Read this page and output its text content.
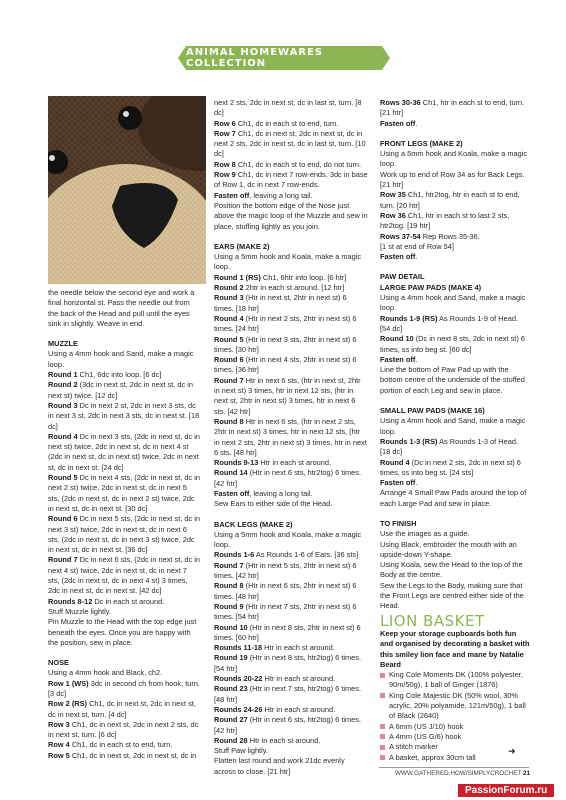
ANIMAL HOMEWARES COLLECTION

the needle below the second eye and work a final horizontal st. Pass the needle out from the back of the Head and pull until the eyes sink in slightly. Weave in end.

MUZZLE

Using a 4mm hook and Sand, make a magic loop.

Round 1 Ch1, 6dc into loop. [6 dc]

Round 2 (3dc in next st, 2dc in next st, dc in next st) twice. [12 dc]

Round 3 Dc in next 2 st, 2dc in next 3 sts, dc in next 3 st, 2dc in next 3 sts, dc in next st. [18 dc]

Round 4 Dc in next 3 sts, (2dc in next st, dc in next st) twice, 2dc in next st, dc in next 4 st (2dc in next st, dc in next st) twice, 2dc in next st, dc in next st. [24 dc]

Round 5 Dc in next 4 sts, (2dc in next st, dc in next 2 st) twice, 2dc in next st, dc in next 5 sts, (2dc in next st, dc in next 2 st) twice, 2dc in next st, dc in next st. [30 dc]

Round 6 Dc in next 5 sts, (2dc in next st, dc in next 3 st) twice, 2dc in next st, dc in next 6 sts, (2dc in next st, dc in next 3 st) twice, 2dc in next st, dc in next st. [36 dc]

Round 7 Dc in next 6 sts, (2dc in next st, dc in next 4 st) twice, 2dc in next st, dc in next 7 sts, (2dc in next st, dc in next 4 st) 3 times, 2dc in next st, dc in next st. [42 dc]

Rounds 8-12 Dc in each st around.

Stuff Muzzle lightly.

Pin Muzzle to the Head with the top edge just beneath the eyes. Once you are happy with the position, sew in place.

NOSE

Using a 4mm hook and Black, ch2.

Row 1 (WS) 3dc in second ch from hook, turn. [3 dc]

Row 2 (RS) Ch1, dc in next st, 2dc in next st, dc in next st, turn. [4 dc]

Row 3 Ch1, dc in next st, 2dc in next 2 sts, dc in next st, turn. [6 dc]

Row 4 Ch1, dc in each st to end, turn.

Row 5 Ch1, dc in next st, 2dc in next st, dc in

next 2 sts, 2dc in next st, dc in last st, turn. [8 dc]

Row 6 Ch1, dc in each st to end, turn.

Row 7 Ch1, dc in next st, 2dc in next st, dc in next 2 sts, 2dc in next st, dc in last st, turn. [10 dc]

Row 8 Ch1, dc in each st to end, do not turn.

Row 9 Ch1, dc in next 7 row-ends, 3dc in base of Row 1, dc in next 7 row-ends.

Fasten off, leaving a long tail.

Position the bottom edge of the Nose just above the magic loop of the Muzzle and sew in place, stuffing lightly as you join.

EARS (MAKE 2)

Using a 5mm hook and Koala, make a magic loop.

Round 1 (RS) Ch1, 6htr into loop. [6 htr]

Round 2 2htr in each st around. [12 htr]

Round 3 (Htr in next st, 2htr in next st) 6 times. [18 htr]

Round 4 (Htr in next 2 sts, 2htr in next st) 6 times. [24 htr]

Round 5 (Htr in next 3 sts, 2htr in next st) 6 times. [30 htr]

Round 6 (Htr in next 4 sts, 2htr in next st) 6 times. [36 htr]

Round 7 Htr in next 6 sts, (htr in next st, 2htr in next st) 3 times, htr in next 12 sts, (htr in next st, 2htr in next st) 3 times, htr in next 6 sts. [42 htr]

Round 8 Htr in next 6 sts, (htr in next 2 sts, 2htr in next st) 3 times, htr in next 12 sts, (htr in next 2 sts, 2htr in next st) 3 times, htr in next 6 sts. [48 htr]

Rounds 9-13 Htr in each st around.

Round 14 (Htr in next 6 sts, htr2tog) 6 times. [42 htr]

Fasten off, leaving a long tail.

Sew Ears to either side of the Head.

BACK LEGS (MAKE 2)

Using a 5mm hook and Koala, make a magic loop.

Rounds 1-6 As Rounds 1-6 of Ears. [36 sts]

Round 7 (Htr in next 5 sts, 2htr in next st) 6 times. [42 htr]

Round 8 (Htr in next 6 sts, 2htr in next st) 6 times. [48 htr]

Round 9 (Htr in next 7 sts, 2htr in next st) 6 times. [54 htr]

Round 10 (Htr in next 8 sts, 2htr in next st) 6 times. [60 htr]

Rounds 11-18 Htr in each st around.

Round 19 (Htr in next 8 sts, htr2tog) 6 times. [54 htr]

Rounds 20-22 Htr in each st around.

Round 23 (Htr in next 7 sts, htr2tog) 6 times. [48 htr]

Rounds 24-26 Htr in each st around.

Round 27 (Htr in next 6 sts, htr2tog) 6 times. [42 htr]

Round 28 Htr in each st around.

Stuff Paw lightly.

Flatten last round and work 21dc evenly across to close. [21 htr]

Rows 30-36 Ch1, htr in each st to end, turn. [21 htr]

Fasten off.

FRONT LEGS (MAKE 2)

Using a 5mm hook and Koala, make a magic loop.

Work up to end of Row 34 as for Back Legs. [21 htr]

Row 35 Ch1, htr2tog, htr in each st to end, turn. [20 htr]

Row 36 Ch1, htr in each st to last 2 sts, htr2tog. [19 htr]

Rows 37-54 Rep Rows 35-36.

[1 st at end of Row 54]

Fasten off.

PAW DETAIL

LARGE PAW PADS (MAKE 4)

Using a 4mm hook and Sand, make a magic loop.

Rounds 1-9 (RS) As Rounds 1-9 of Head. [54 dc]

Round 10 (Dc in next 8 sts, 2dc in next st) 6 times, ss into beg st. [60 dc]

Fasten off.

Line the bottom of Paw Pad up with the bottom centre of the underside of the stuffed portion of each Leg and sew in place.

SMALL PAW PADS (MAKE 16)

Using a 4mm hook and Sand, make a magic loop.

Rounds 1-3 (RS) As Rounds 1-3 of Head. [18 dc]

Round 4 (Dc in next 2 sts, 2dc in next st) 6 times, ss into beg st. [24 sts]

Fasten off.

Arrange 4 Small Paw Pads around the top of each Large Pad and sew in place.

TO FINISH

Use the images as a guide.

Using Black, embroider the mouth with an upside-down Y-shape.

Using Koala, sew the Head to the top of the Body at the centre.

Sew the Legs to the Body, making sure that the Front Legs are centred either side of the Head.

LION BASKET

Keep your storage cupboards both fun and organised by decorating a basket with this smiley lion face and mane by Natalie Beard

King Cole Moments DK (100% polyester, 90m/50g), 1 ball of Ginger (1876)
King Cole Majestic DK (50% wool, 30% acrylic, 20% polyamide, 121m/50g), 1 ball of Black (2640)
A 6mm (US J/10) hook
A 4mm (US G/6) hook
A stitch marker
A basket, approx 30cm tall
➜
WWW.GATHERED.HOW/SIMPLYCROCHET 21
PassionForum.ru
